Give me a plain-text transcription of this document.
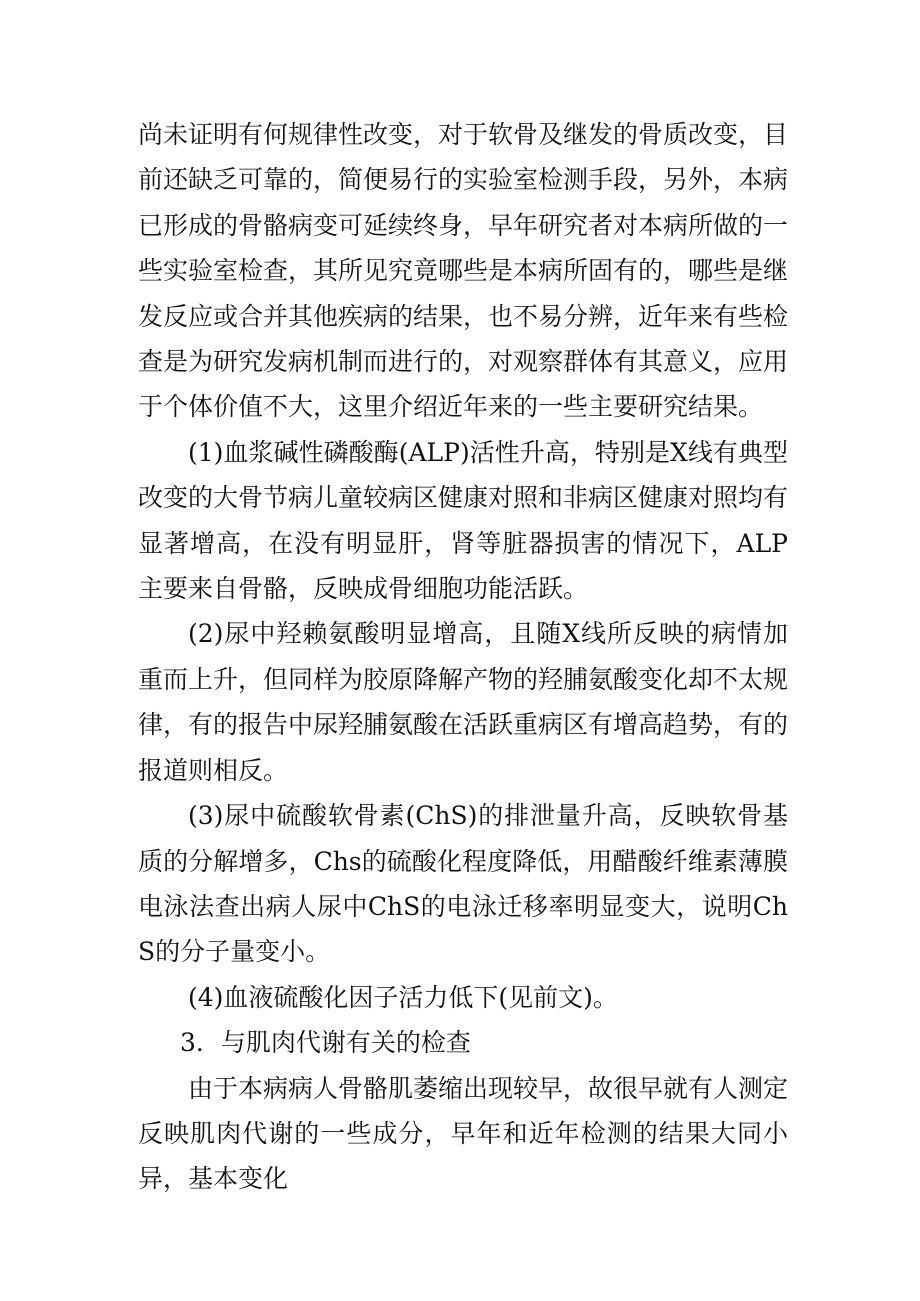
尚未证明有何规律性改变，对于软骨及继发的骨质改变，目前还缺乏可靠的，简便易行的实验室检测手段，另外，本病已形成的骨骼病变可延续终身，早年研究者对本病所做的一些实验室检查，其所见究竟哪些是本病所固有的，哪些是继发反应或合并其他疾病的结果，也不易分辨，近年来有些检查是为研究发病机制而进行的，对观察群体有其意义，应用于个体价值不大，这里介绍近年来的一些主要研究结果。

(1)血浆碱性磷酸酶(ALP)活性升高，特别是X线有典型改变的大骨节病儿童较病区健康对照和非病区健康对照均有显著增高，在没有明显肝，肾等脏器损害的情况下，ALP主要来自骨骼，反映成骨细胞功能活跃。

(2)尿中羟赖氨酸明显增高，且随X线所反映的病情加重而上升，但同样为胶原降解产物的羟脯氨酸变化却不太规律，有的报告中尿羟脯氨酸在活跃重病区有增高趋势，有的报道则相反。

(3)尿中硫酸软骨素(ChS)的排泄量升高，反映软骨基质的分解增多，Chs的硫酸化程度降低，用醋酸纤维素薄膜电泳法查出病人尿中ChS的电泳迁移率明显变大，说明ChS的分子量变小。

(4)血液硫酸化因子活力低下(见前文)。

3．与肌肉代谢有关的检查

由于本病病人骨骼肌萎缩出现较早，故很早就有人测定反映肌肉代谢的一些成分，早年和近年检测的结果大同小异，基本变化
